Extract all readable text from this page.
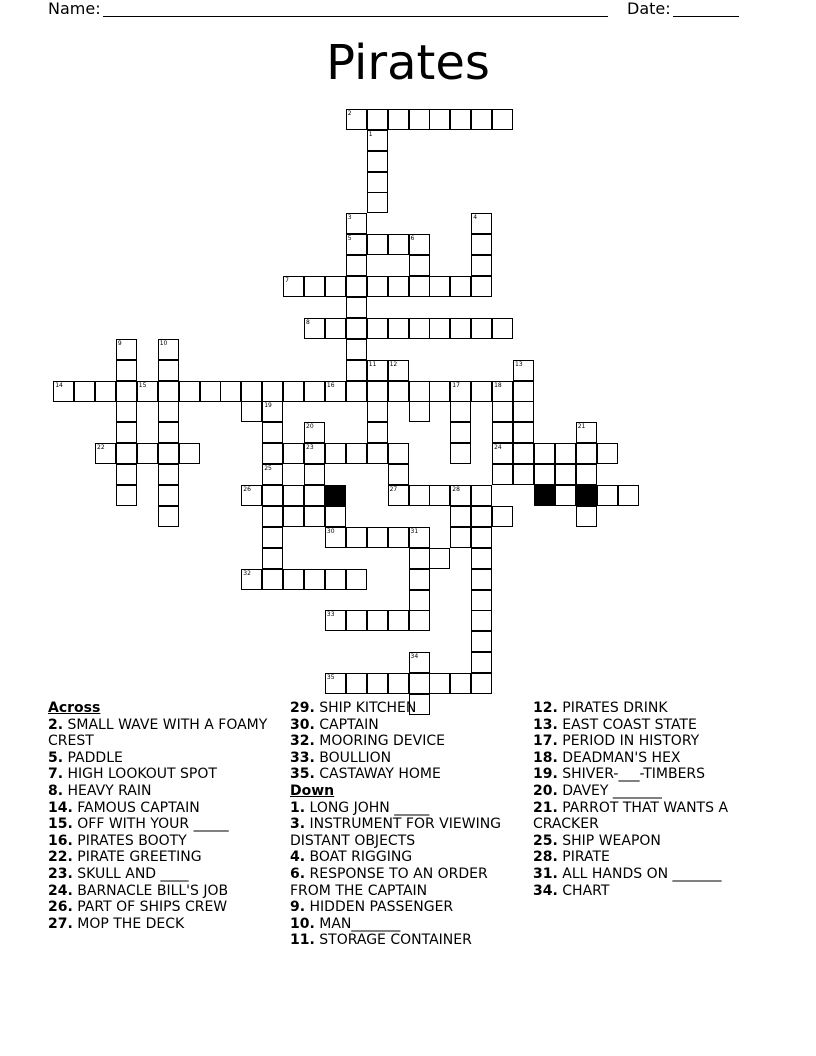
Name:	Date:
Pirates
1
2
3	4
5	6
7
8
9	10
11 12	13
14	15	16	17	18
19
20	21
22	23	24
25
26	27	28	29
30	31
32
33
34
35
Across
2. SMALL WAVE WITH A FOAMY CREST
5. PADDLE
7. HIGH LOOKOUT SPOT
8. HEAVY RAIN
14. FAMOUS CAPTAIN
15. OFF WITH YOUR _____
16. PIRATES BOOTY
22. PIRATE GREETING
23. SKULL AND ____
24. BARNACLE BILL'S JOB
26. PART OF SHIPS CREW
27. MOP THE DECK
29. SHIP KITCHEN
30. CAPTAIN
32. MOORING DEVICE
33. BOULLION
35. CASTAWAY HOME
Down
1. LONG JOHN _____
3. INSTRUMENT FOR VIEWING DISTANT OBJECTS
4. BOAT RIGGING
6. RESPONSE TO AN ORDER FROM THE CAPTAIN
9. HIDDEN PASSENGER
10. MAN_______
11. STORAGE CONTAINER
12. PIRATES DRINK
13. EAST COAST STATE
17. PERIOD IN HISTORY
18. DEADMAN'S HEX
19. SHIVER-___-TIMBERS
20. DAVEY _______
21. PARROT THAT WANTS A CRACKER
25. SHIP WEAPON
28. PIRATE
31. ALL HANDS ON _______
34. CHART
